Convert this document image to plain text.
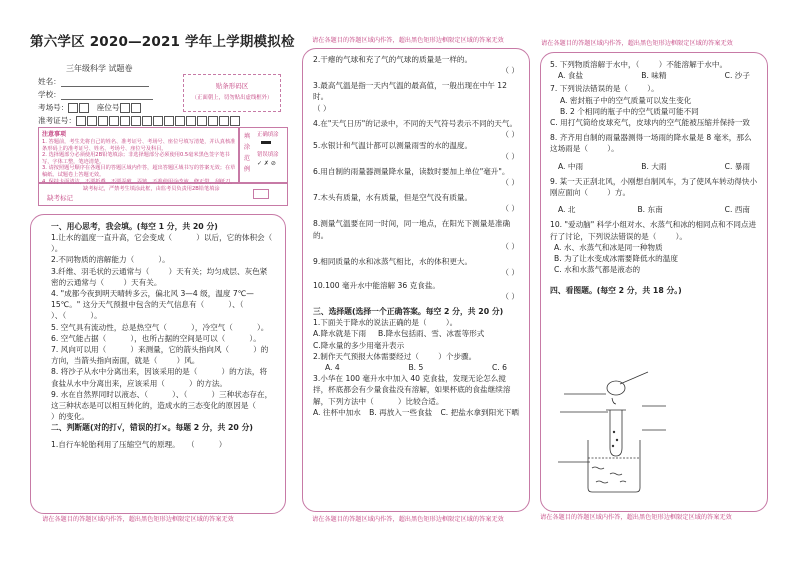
第六学区 2020—2021 学年上学期模拟检
三年级科学 试题卷
姓名：
学校：
考场号：	座位号
准考证号：
贴条形码区
（正面朝上，切勿贴出虚线框外）
注意事项
1. 答题前，考生先将自己的姓名、准考证号、考场号、座位号填写清楚，并认真核准条形码上的准考证号、姓名、考场号、座位号及科目。
2. 选择题部分必须使用2B铅笔填涂；非选择题部分必须使用0.5毫米黑色签字笔书写，字体工整，笔迹清楚。
3. 请按照题号顺序在各题目的答题区域内作答，超出答题区域书写的答案无效；在草稿纸、试题卷上答题无效。
4. 保持卡面清洁，不要折叠、不要弄破、弄皱，不准使用涂改液、修正带、刮纸刀。
填
涂
范
例
正确填涂
错误填涂
✓ ✗ ⊘
缺考标记，严禁考生填涂此框，由监考员负责用2B铅笔填涂
缺考标记
一、用心思考，我会填。(每空 1 分，共 20 分)

1.让水的温度一直升高，它会变成（          ）以后，它的体积会（          ）。

2.不同物质的溶解能力（          ）。

3.纤维、羽毛状的云通常与（        ）天有关；均匀成层、灰色紧密的云通常与（        ）天有关。

4. "成都今夜到明天晴转多云，偏北风 3—4 级，温度 7℃—15℃。" 这分天气预报中包含的天气信息有（          ）、（          ）、（          ）。

5. 空气具有流动性，总是热空气（          ），冷空气（          ）。

6. 空气能占据（          ），也所占据的空间是可以（          ）。

7. 风向可以用（          ）来测量，它的箭头指向风（          ）的方向，当箭头指向南面，就是（        ）风。

8. 将沙子从水中分离出来，因该采用的是（          ）的方法，将食盐从水中分离出来，应该采用（          ）的方法。

9. 水在自然界同时以液态、（          ）、（          ）三种状态存在，这三种状态是可以相互转化的，造成水的三态变化的原因是（          ）的变化。

二、判断题(对的打√，错误的打×。每题 2 分，共 20 分)

1.自行车轮胎利用了压缩空气的原理。   （          ）

请在各题目的答题区域内作答，超出黑色矩形边框限定区域的答案无效
请在各题目的答题区域内作答，超出黑色矩形边框限定区域的答案无效

2.干瘪的气球和充了气的气球的质量是一样的。

（ ）

3.最高气温是指一天内气温的最高值，一般出现在中午 12 时。

（ ）

4.在"天气日历"的记录中，不同的天气符号表示不同的天气。

（ ）

5.水银计和气温计都可以测量雨雪的水的温度。

（ ）

6.用自制的雨量器测量降水量，读数时要加上单位"毫升"。

（ ）

7.木头有质量，水有质量，但是空气没有质量。

（ ）

8.测量气温要在同一时间，同一地点，在阳光下测量是准确的。

（ ）

9.相同质量的水和冰蒸气相比，水的体积更大。

（ ）

10.100 毫升水中能溶解 36 克食盐。

（ ）
三、选择题(选择一个正确答案。每空 2 分，共 20 分)

1.下面关于降水的说法正确的是（        ）。

A.降水就是下雨 B.降水包括雨、雪、冰雹等形式
C.降水量的多少用毫升表示

2.制作天气预报大体需要经过（        ）个步骤。

A. 4	B. 5	C. 6

3.小华在 100 毫升水中加入 40 克食盐，发现无论怎么搅拌，杯底都会有少量食盐没有溶解，如果杯底的食盐继续溶解，下列方法中（          ）比较合适。

A. 往杯中加水 B. 再放入一些食盐 C. 把盐水拿到阳光下晒
请在各题目的答题区域内作答，超出黑色矩形边框限定区域的答案无效
请在各题目的答题区域内作答，超出黑色矩形边框限定区域的答案无效

5. 下列物质溶解于水中，（        ）不能溶解于水中。

A. 食盐	B. 味精	C. 沙子

7. 下列说法错误的是（        ）。

A. 密封瓶子中的空气质量可以发生变化
B. 2 个相同的瓶子中的空气质量可能不同
C. 用打气筒给皮球充气，皮球内的空气能被压缩并保持一致

8. 齐齐用自制的雨量器测得一场雨的降水量是 8 毫米，那么这场雨是（        ）。

A. 中雨	B. 大雨	C. 暴雨

9. 某一天正刮北风，小刚想自制风车，为了使风车转动得快小刚应面向（        ）方。

A. 北	B. 东南	C. 西南

10. "爱动脑" 科学小组对水、水蒸气和冰的相同点和不同点进行了讨论，下列说法错误的是（        ）。

A. 水、水蒸气和冰是同一种物质
B. 为了让水变成冰需要降低水的温度
C. 水和水蒸气都是液态的
四、看图题。(每空 2 分，共 18 分。)
请在各题目的答题区域内作答，超出黑色矩形边框限定区域的答案无效
